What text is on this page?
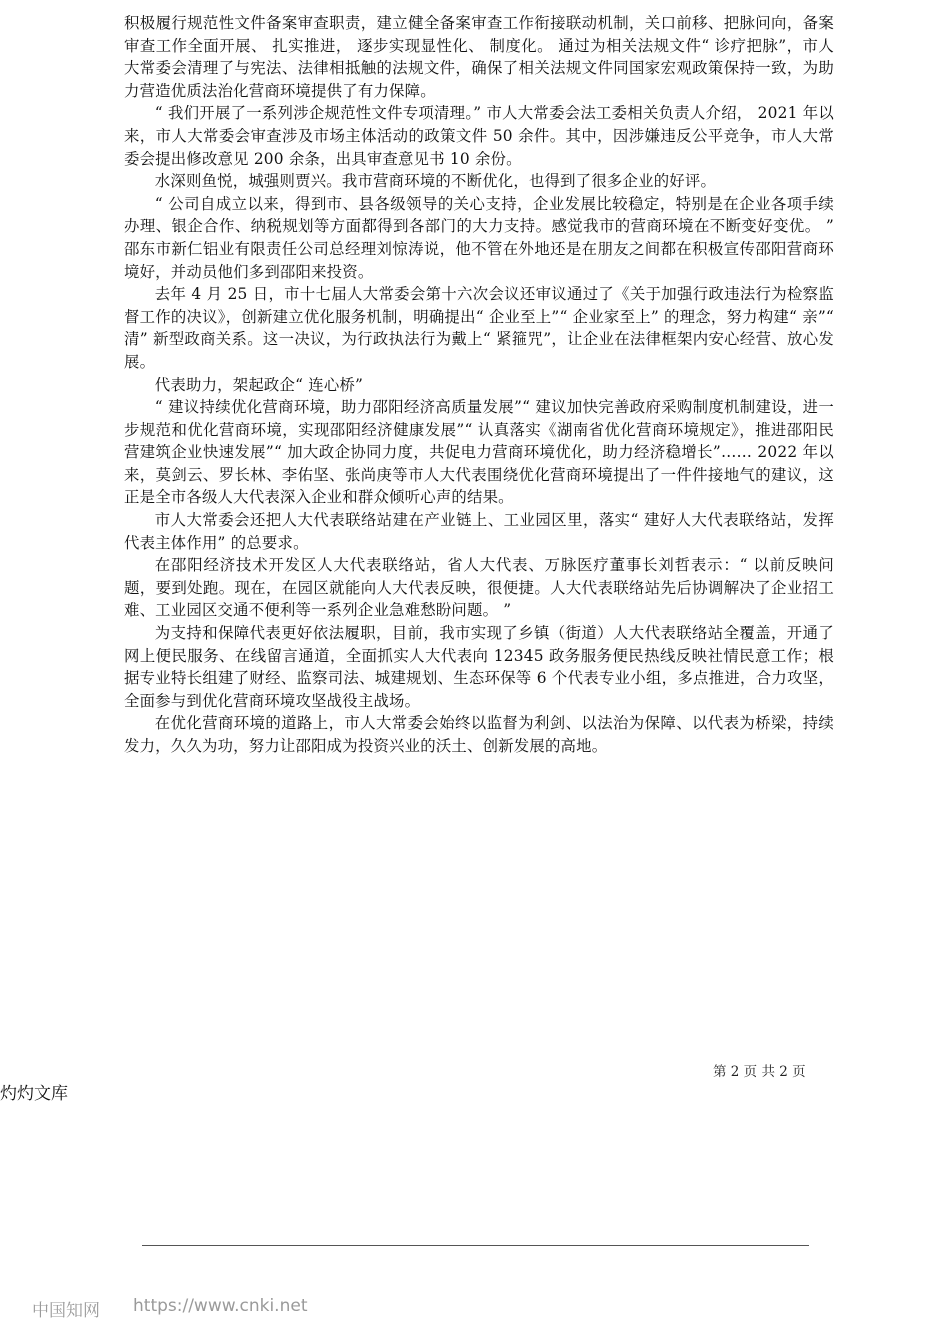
积极履行规范性文件备案审查职责，建立健全备案审查工作衔接联动机制，关口前移、把脉问向，备案审查工作全面开展、 扎实推进， 逐步实现显性化、 制度化。 通过为相关法规文件“ 诊疗把脉”，市人大常委会清理了与宪法、法律相抵触的法规文件，确保了相关法规文件同国家宏观政策保持一致，为助力营造优质法治化营商环境提供了有力保障。

“ 我们开展了一系列涉企规范性文件专项清理。” 市人大常委会法工委相关负责人介绍， 2021 年以来，市人大常委会审查涉及市场主体活动的政策文件 50 余件。其中，因涉嫌违反公平竞争，市人大常委会提出修改意见 200 余条，出具审查意见书 10 余份。

水深则鱼悦，城强则贾兴。我市营商环境的不断优化，也得到了很多企业的好评。

“ 公司自成立以来，得到市、县各级领导的关心支持，企业发展比较稳定，特别是在企业各项手续办理、银企合作、纳税规划等方面都得到各部门的大力支持。感觉我市的营商环境在不断变好变优。 ” 邵东市新仁铝业有限责任公司总经理刘惊涛说，他不管在外地还是在朋友之间都在积极宣传邵阳营商环境好，并动员他们多到邵阳来投资。

去年 4 月 25 日，市十七届人大常委会第十六次会议还审议通过了《关于加强行政违法行为检察监督工作的决议》，创新建立优化服务机制，明确提出“ 企业至上”“ 企业家至上” 的理念，努力构建“ 亲”“ 清” 新型政商关系。这一决议，为行政执法行为戴上“ 紧箍咒”，让企业在法律框架内安心经营、放心发展。

代表助力，架起政企“ 连心桥”

“ 建议持续优化营商环境，助力邵阳经济高质量发展”“ 建议加快完善政府采购制度机制建设，进一步规范和优化营商环境，实现邵阳经济健康发展”“ 认真落实《湖南省优化营商环境规定》，推进邵阳民营建筑企业快速发展”“ 加大政企协同力度，共促电力营商环境优化，助力经济稳增长”…… 2022 年以来，莫剑云、罗长林、李佑坚、张尚庚等市人大代表围绕优化营商环境提出了一件件接地气的建议，这正是全市各级人大代表深入企业和群众倾听心声的结果。

市人大常委会还把人大代表联络站建在产业链上、工业园区里，落实“ 建好人大代表联络站，发挥代表主体作用” 的总要求。

在邵阳经济技术开发区人大代表联络站，省人大代表、万脉医疗董事长刘哲表示：“ 以前反映问题，要到处跑。现在，在园区就能向人大代表反映，很便捷。人大代表联络站先后协调解决了企业招工难、工业园区交通不便利等一系列企业急难愁盼问题。 ”

为支持和保障代表更好依法履职，目前，我市实现了乡镇（街道）人大代表联络站全覆盖，开通了网上便民服务、在线留言通道，全面抓实人大代表向 12345 政务服务便民热线反映社情民意工作；根据专业特长组建了财经、监察司法、城建规划、生态环保等 6 个代表专业小组，多点推进，合力攻坚，全面参与到优化营商环境攻坚战役主战场。

在优化营商环境的道路上，市人大常委会始终以监督为利剑、以法治为保障、以代表为桥梁，持续发力，久久为功，努力让邵阳成为投资兴业的沃土、创新发展的高地。

第 2 页 共 2 页
灼灼文库
中国知网 https://www.cnki.net
